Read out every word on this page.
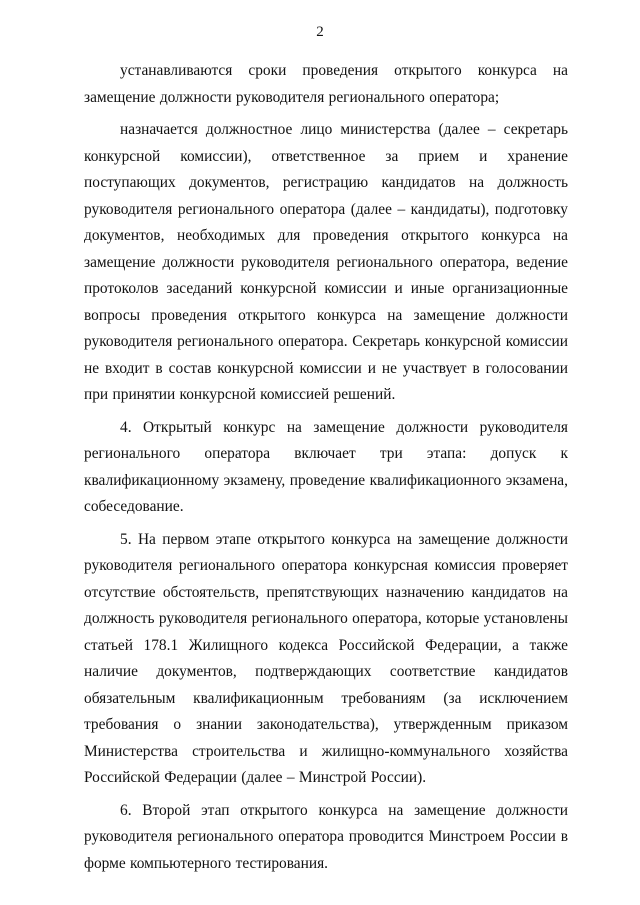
2

устанавливаются сроки проведения открытого конкурса на замещение должности руководителя регионального оператора;

назначается должностное лицо министерства (далее – секретарь конкурсной комиссии), ответственное за прием и хранение поступающих документов, регистрацию кандидатов на должность руководителя регионального оператора (далее – кандидаты), подготовку документов, необходимых для проведения открытого конкурса на замещение должности руководителя регионального оператора, ведение протоколов заседаний конкурсной комиссии и иные организационные вопросы проведения открытого конкурса на замещение должности руководителя регионального оператора. Секретарь конкурсной комиссии не входит в состав конкурсной комиссии и не участвует в голосовании при принятии конкурсной комиссией решений.

4. Открытый конкурс на замещение должности руководителя регионального оператора включает три этапа: допуск к квалификационному экзамену, проведение квалификационного экзамена, собеседование.

5. На первом этапе открытого конкурса на замещение должности руководителя регионального оператора конкурсная комиссия проверяет отсутствие обстоятельств, препятствующих назначению кандидатов на должность руководителя регионального оператора, которые установлены статьей 178.1 Жилищного кодекса Российской Федерации, а также наличие документов, подтверждающих соответствие кандидатов обязательным квалификационным требованиям (за исключением требования о знании законодательства), утвержденным приказом Министерства строительства и жилищно-коммунального хозяйства Российской Федерации (далее – Минстрой России).

6. Второй этап открытого конкурса на замещение должности руководителя регионального оператора проводится Минстроем России в форме компьютерного тестирования.
